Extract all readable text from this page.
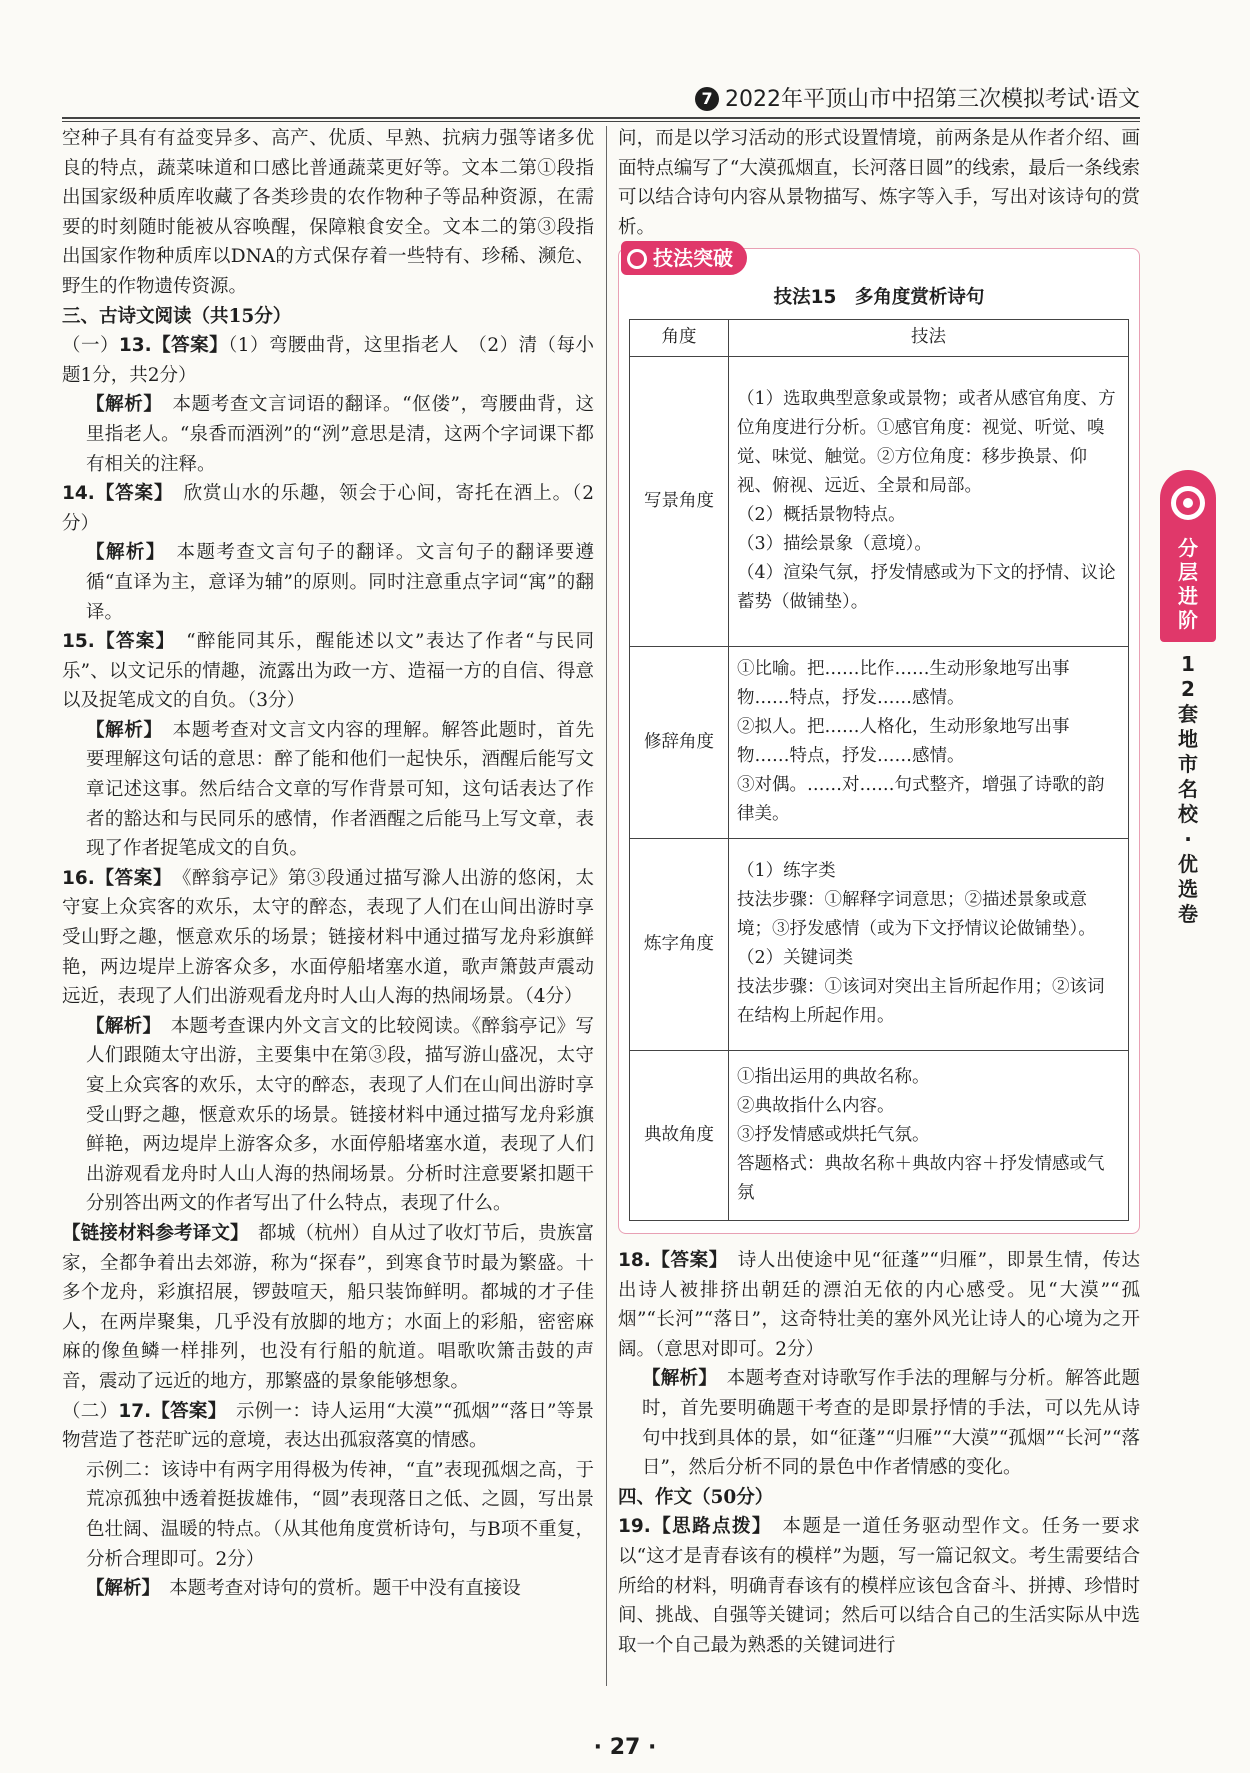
7 2022年平顶山市中招第三次模拟考试·语文

空种子具有有益变异多、高产、优质、早熟、抗病力强等诸多优良的特点，蔬菜味道和口感比普通蔬菜更好等。文本二第①段指出国家级种质库收藏了各类珍贵的农作物种子等品种资源，在需要的时刻随时能被从容唤醒，保障粮食安全。文本二的第③段指出国家作物种质库以DNA的方式保存着一些特有、珍稀、濒危、野生的作物遗传资源。

三、古诗文阅读（共15分）

（一）13.【答案】（1）弯腰曲背，这里指老人　（2）清（每小题1分，共2分）

【解析】　 本题考查文言词语的翻译。“伛偻”，弯腰曲背，这里指老人。“泉香而酒洌”的“洌”意思是清，这两个字词课下都有相关的注释。

14.【答案】　 欣赏山水的乐趣，领会于心间，寄托在酒上。（2分）

【解析】　 本题考查文言句子的翻译。文言句子的翻译要遵循“直译为主，意译为辅”的原则。同时注意重点字词“寓”的翻译。

15.【答案】　 “醉能同其乐，醒能述以文”表达了作者“与民同乐”、以文记乐的情趣，流露出为政一方、造福一方的自信、得意以及捉笔成文的自负。（3分）

【解析】　 本题考查对文言文内容的理解。解答此题时，首先要理解这句话的意思：醉了能和他们一起快乐，酒醒后能写文章记述这事。然后结合文章的写作背景可知，这句话表达了作者的豁达和与民同乐的感情，作者酒醒之后能马上写文章，表现了作者捉笔成文的自负。

16.【答案】　 《醉翁亭记》第③段通过描写滁人出游的悠闲，太守宴上众宾客的欢乐，太守的醉态，表现了人们在山间出游时享受山野之趣，惬意欢乐的场景；链接材料中通过描写龙舟彩旗鲜艳，两边堤岸上游客众多，水面停船堵塞水道，歌声箫鼓声震动远近，表现了人们出游观看龙舟时人山人海的热闹场景。（4分）

【解析】　 本题考查课内外文言文的比较阅读。《醉翁亭记》写人们跟随太守出游，主要集中在第③段，描写游山盛况，太守宴上众宾客的欢乐，太守的醉态，表现了人们在山间出游时享受山野之趣，惬意欢乐的场景。链接材料中通过描写龙舟彩旗鲜艳，两边堤岸上游客众多，水面停船堵塞水道，表现了人们出游观看龙舟时人山人海的热闹场景。分析时注意要紧扣题干分别答出两文的作者写出了什么特点，表现了什么。

【链接材料参考译文】　 都城（杭州）自从过了收灯节后，贵族富家，全都争着出去郊游，称为“探春”，到寒食节时最为繁盛。十多个龙舟，彩旗招展，锣鼓喧天，船只装饰鲜明。都城的才子佳人，在两岸聚集，几乎没有放脚的地方；水面上的彩船，密密麻麻的像鱼鳞一样排列，也没有行船的航道。唱歌吹箫击鼓的声音，震动了远近的地方，那繁盛的景象能够想象。

（二）17.【答案】　 示例一：诗人运用“大漠”“孤烟”“落日”等景物营造了苍茫旷远的意境，表达出孤寂落寞的情感。

示例二：该诗中有两字用得极为传神，“直”表现孤烟之高，于荒凉孤独中透着挺拔雄伟，“圆”表现落日之低、之圆，写出景色壮阔、温暖的特点。（从其他角度赏析诗句，与B项不重复，分析合理即可。2分）

【解析】　 本题考查对诗句的赏析。题干中没有直接设

问，而是以学习活动的形式设置情境，前两条是从作者介绍、画面特点编写了“大漠孤烟直，长河落日圆”的线索，最后一条线索可以结合诗句内容从景物描写、炼字等入手，写出对该诗句的赏析。

技法突破
技法15　多角度赏析诗句
角度	技法
写景角度	（1）选取典型意象或景物；或者从感官角度、方位角度进行分析。①感官角度：视觉、听觉、嗅觉、味觉、触觉。②方位角度：移步换景、仰视、俯视、远近、全景和局部。
（2）概括景物特点。
（3）描绘景象（意境）。
（4）渲染气氛，抒发情感或为下文的抒情、议论蓄势（做铺垫）。
修辞角度	①比喻。把……比作……生动形象地写出事物……特点，抒发……感情。
②拟人。把……人格化，生动形象地写出事物……特点，抒发……感情。
③对偶。……对……句式整齐，增强了诗歌的韵律美。
炼字角度	（1）练字类
技法步骤：①解释字词意思；②描述景象或意境；③抒发感情（或为下文抒情议论做铺垫）。
（2）关键词类
技法步骤：①该词对突出主旨所起作用；②该词在结构上所起作用。
典故角度	①指出运用的典故名称。
②典故指什么内容。
③抒发情感或烘托气氛。
答题格式：典故名称＋典故内容＋抒发情感或气氛

18.【答案】　 诗人出使途中见“征蓬”“归雁”，即景生情，传达出诗人被排挤出朝廷的漂泊无依的内心感受。见“大漠”“孤烟”“长河”“落日”，这奇特壮美的塞外风光让诗人的心境为之开阔。（意思对即可。2分）

【解析】　 本题考查对诗歌写作手法的理解与分析。解答此题时，首先要明确题干考查的是即景抒情的手法，可以先从诗句中找到具体的景，如“征蓬”“归雁”“大漠”“孤烟”“长河”“落日”，然后分析不同的景色中作者情感的变化。

四、作文（50分）

19.【思路点拨】　 本题是一道任务驱动型作文。任务一要求以“这才是青春该有的模样”为题，写一篇记叙文。考生需要结合所给的材料，明确青春该有的模样应该包含奋斗、拼搏、珍惜时间、挑战、自强等关键词；然后可以结合自己的生活实际从中选取一个自己最为熟悉的关键词进行

分层进阶
12套地市名校·优选卷
· 27 ·
